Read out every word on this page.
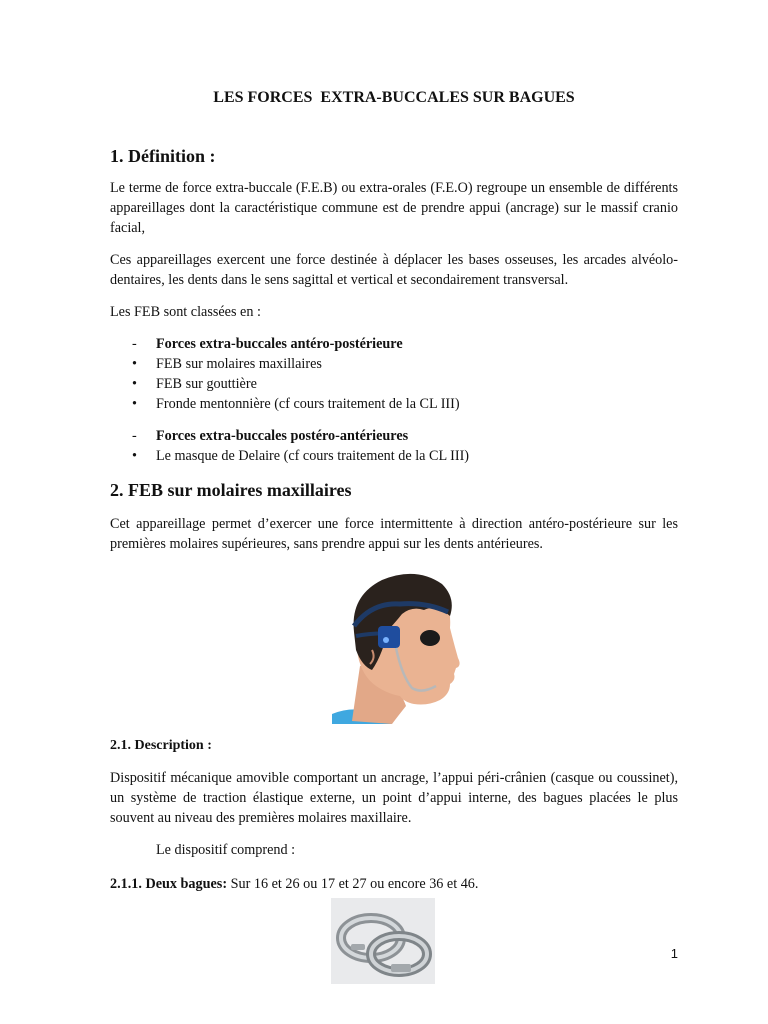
LES FORCES  EXTRA-BUCCALES SUR BAGUES
1. Définition :

Le terme de force extra-buccale (F.E.B) ou extra-orales (F.E.O) regroupe un ensemble de différents appareillages dont la caractéristique commune est de prendre appui (ancrage) sur le massif cranio facial,

Ces appareillages exercent une force destinée à déplacer les bases osseuses, les arcades alvéolo-dentaires, les dents dans le sens sagittal et vertical et secondairement transversal.

Les FEB sont classées en :

- Forces extra-buccales antéro-postérieure
• FEB sur molaires maxillaires
• FEB sur gouttière
• Fronde mentonnière (cf cours traitement de la CL III)
- Forces extra-buccales postéro-antérieures
• Le masque de Delaire (cf cours traitement de la CL III)
2. FEB sur molaires maxillaires

Cet appareillage permet d’exercer une force intermittente à direction antéro-postérieure sur les premières molaires supérieures, sans prendre appui sur les dents antérieures.

2.1. Description :

Dispositif mécanique amovible comportant un ancrage, l’appui péri-crânien (casque ou coussinet), un système de traction élastique externe, un point d’appui interne, des bagues placées le plus souvent au niveau des premières molaires maxillaire.

Le dispositif comprend :

2.1.1. Deux bagues: Sur 16 et 26 ou 17 et 27 ou encore 36 et 46.

1
